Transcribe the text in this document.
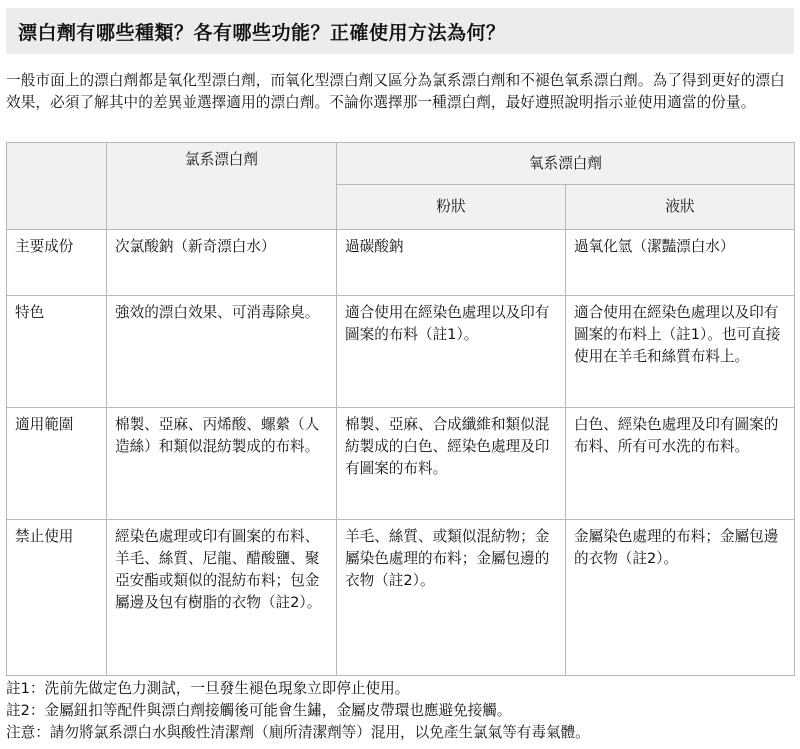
漂白劑有哪些種類？各有哪些功能？正確使用方法為何？

一般市面上的漂白劑都是氧化型漂白劑，而氧化型漂白劑又區分為氯系漂白劑和不褪色氧系漂白劑。為了得到更好的漂白效果，必須了解其中的差異並選擇適用的漂白劑。不論你選擇那一種漂白劑，最好遵照說明指示並使用適當的份量。

	氯系漂白劑	氧系漂白劑	
		粉狀	液狀
主要成份	次氯酸鈉（新奇漂白水）	過碳酸鈉	過氧化氫（潔豔漂白水）
特色	強效的漂白效果、可消毒除臭。	適合使用在經染色處理以及印有圖案的布料（註1）。	適合使用在經染色處理以及印有圖案的布料上（註1）。也可直接使用在羊毛和絲質布料上。
適用範圍	棉製、亞麻、丙烯酸、螺縈（人造絲）和類似混紡製成的布料。	棉製、亞麻、合成纖維和類似混紡製成的白色、經染色處理及印有圖案的布料。	白色、經染色處理及印有圖案的布料、所有可水洗的布料。
禁止使用	經染色處理或印有圖案的布料、羊毛、絲質、尼龍、醋酸鹽、聚亞安酯或類似的混紡布料；包金屬邊及包有樹脂的衣物（註2）。	羊毛、絲質、或類似混紡物；金屬染色處理的布料；金屬包邊的衣物（註2）。	金屬染色處理的布料；金屬包邊的衣物（註2）。
註1：洗前先做定色力測試，一旦發生褪色現象立即停止使用。
註2：金屬鈕扣等配件與漂白劑接觸後可能會生鏽，金屬皮帶環也應避免接觸。
注意：請勿將氯系漂白水與酸性清潔劑（廁所清潔劑等）混用，以免產生氯氣等有毒氣體。
